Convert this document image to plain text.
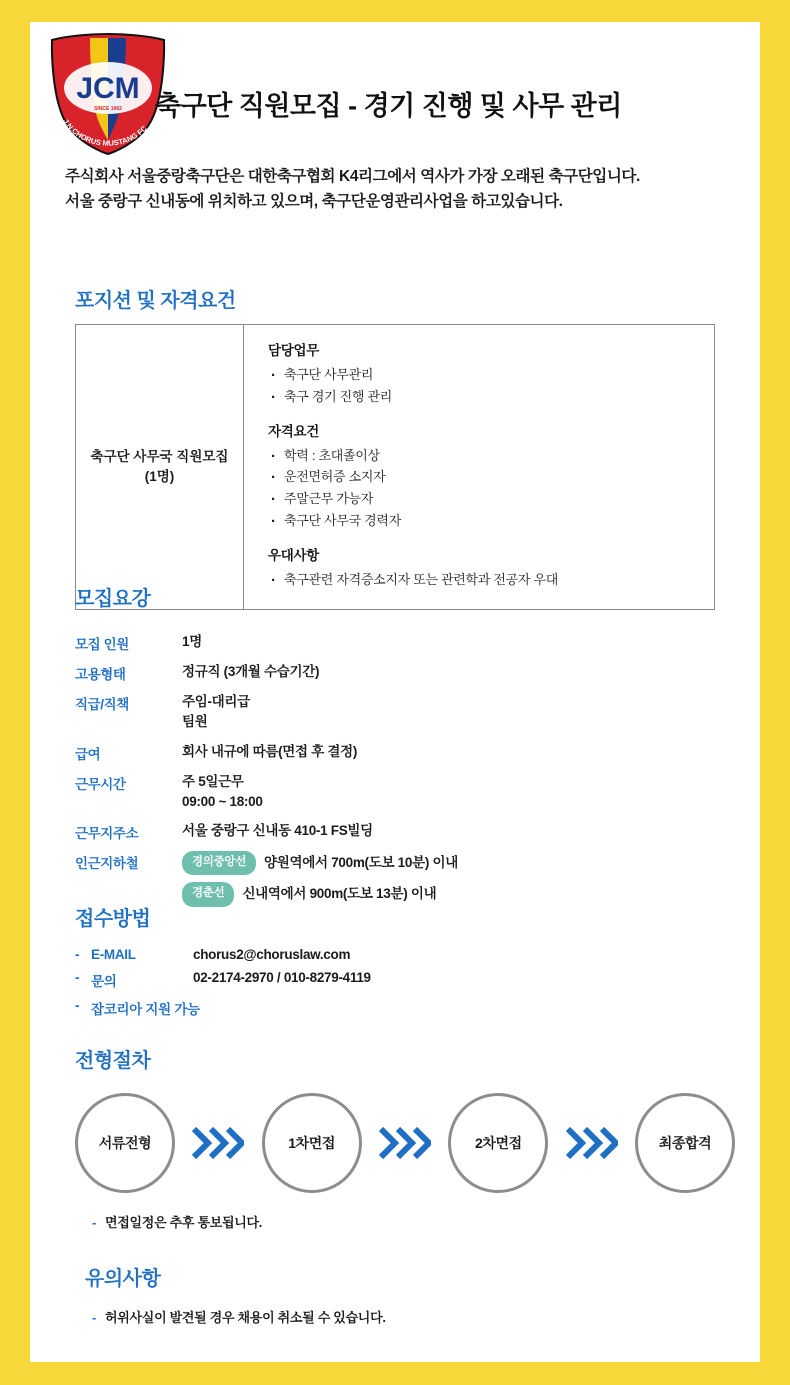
JCM
SINCE 1962
J.N.CHORUS MUSTANG FC
축구단 직원모집 - 경기 진행 및 사무 관리
주식회사 서울중랑축구단은 대한축구협회 K4리그에서 역사가 가장 오래된 축구단입니다.
서울 중랑구 신내동에 위치하고 있으며, 축구단운영관리사업을 하고있습니다.
포지션 및 자격요건
축구단 사무국 직원모집
(1명)
담당업무
· 축구단 사무관리
· 축구 경기 진행 관리
자격요건
· 학력 : 초대졸이상
· 운전면허증 소지자
· 주말근무 가능자
· 축구단 사무국 경력자
우대사항
· 축구관련 자격증소지자 또는 관련학과 전공자 우대
모집요강
모집 인원	1명
고용형태	정규직 (3개월 수습기간)
직급/직책	주임-대리급
팀원
급여	회사 내규에 따름(면접 후 결정)
근무시간	주 5일근무
09:00 ~ 18:00
근무지주소	서울 중랑구 신내동 410-1 FS빌딩
인근지하철	경의중앙선	양원역에서 700m(도보 10분) 이내
경춘선	신내역에서 900m(도보 13분) 이내
접수방법
- E-MAIL	chorus2@choruslaw.com
- 문의	02-2174-2970 / 010-8279-4119
- 잡코리아 지원 가능
전형절차
서류전형	1차면접	2차면접	최종합격
- 면접일정은 추후 통보됩니다.
유의사항
- 허위사실이 발견될 경우 채용이 취소될 수 있습니다.
